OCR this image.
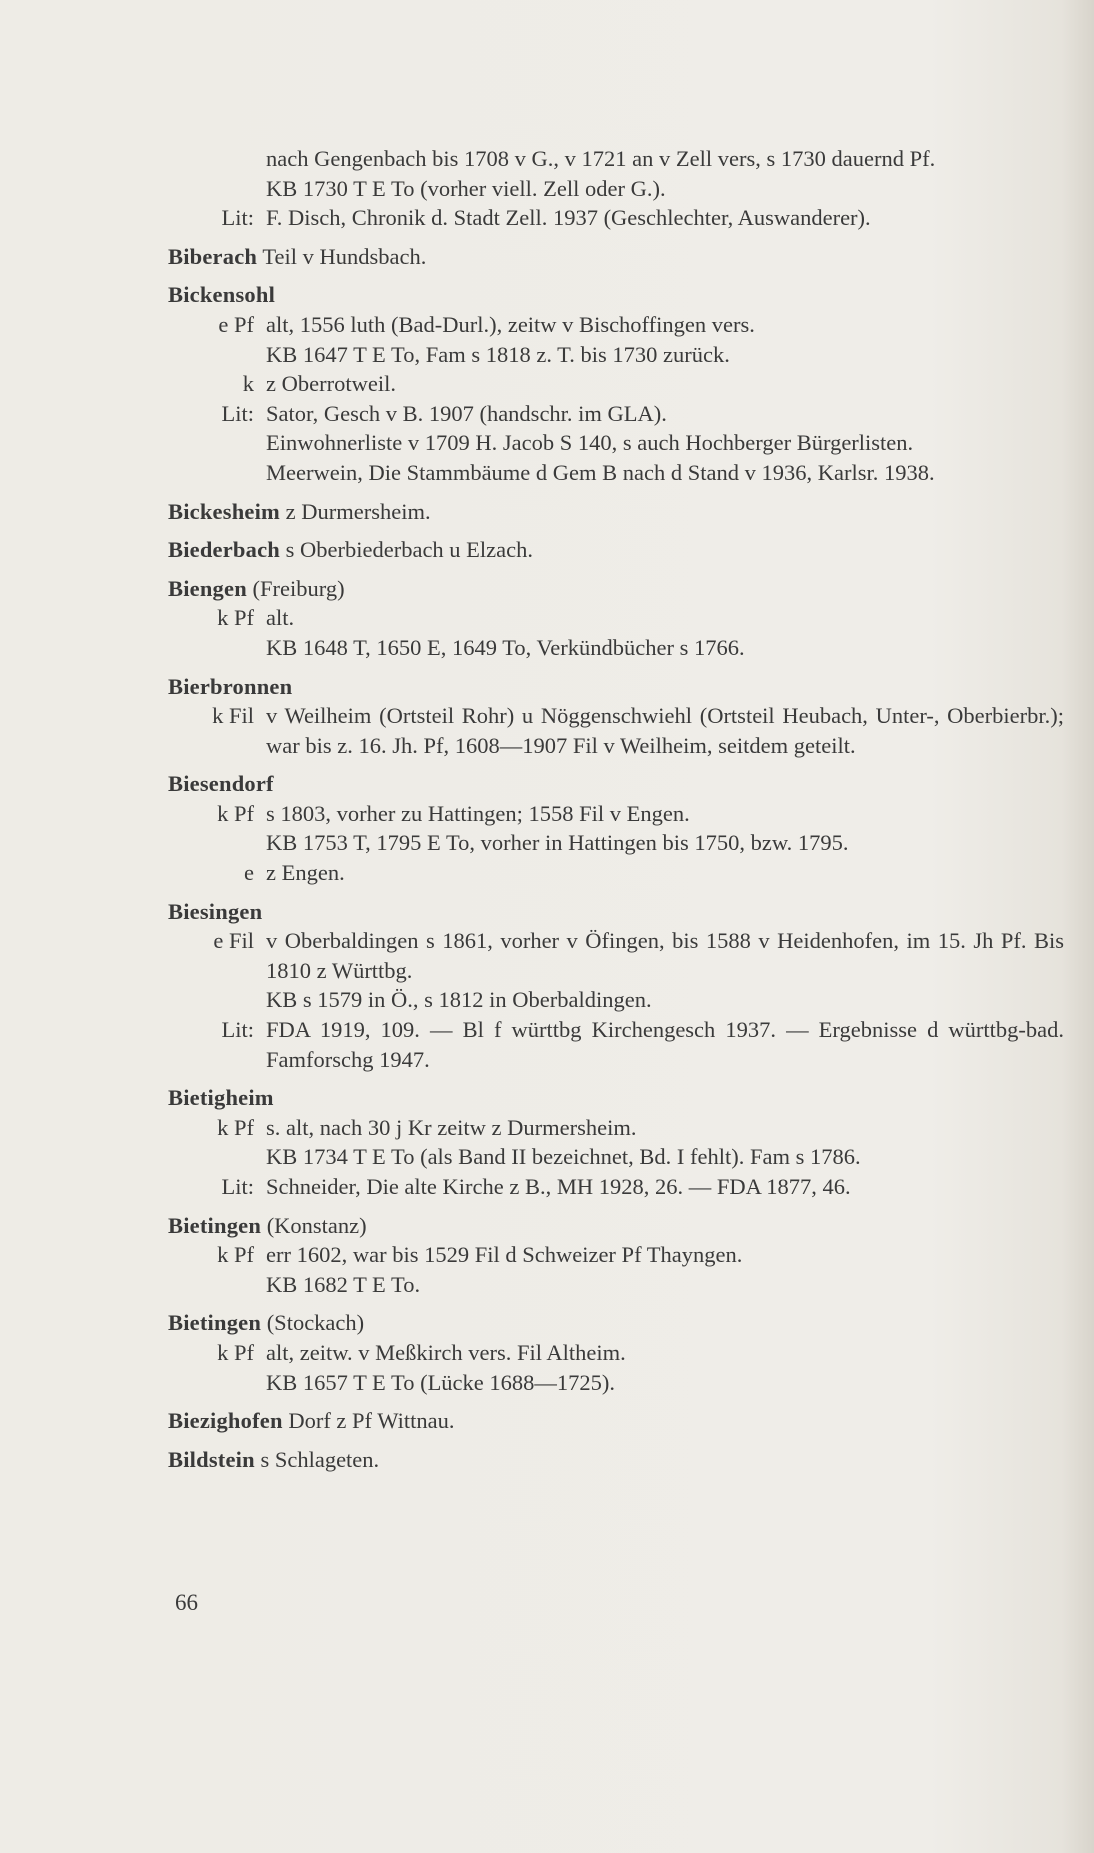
nach Gengenbach bis 1708 v G., v 1721 an v Zell vers, s 1730 dauernd Pf.
KB 1730 T E To (vorher viell. Zell oder G.).
Lit: F. Disch, Chronik d. Stadt Zell. 1937 (Geschlechter, Auswanderer).
Biberach Teil v Hundsbach.
Bickensohl
e Pf alt, 1556 luth (Bad-Durl.), zeitw v Bischoffingen vers.
KB 1647 T E To, Fam s 1818 z. T. bis 1730 zurück.
k z Oberrotweil.
Lit: Sator, Gesch v B. 1907 (handschr. im GLA).
Einwohnerliste v 1709 H. Jacob S 140, s auch Hochberger Bürgerlisten.
Meerwein, Die Stammbäume d Gem B nach d Stand v 1936, Karlsr. 1938.
Bickesheim z Durmersheim.
Biederbach s Oberbiederbach u Elzach.
Biengen (Freiburg)
k Pf alt.
KB 1648 T, 1650 E, 1649 To, Verkündbücher s 1766.
Bierbronnen
k Fil v Weilheim (Ortsteil Rohr) u Nöggenschwiehl (Ortsteil Heubach, Unter-, Oberbierbr.); war bis z. 16. Jh. Pf, 1608—1907 Fil v Weilheim, seitdem geteilt.
Biesendorf
k Pf s 1803, vorher zu Hattingen; 1558 Fil v Engen.
KB 1753 T, 1795 E To, vorher in Hattingen bis 1750, bzw. 1795.
e z Engen.
Biesingen
e Fil v Oberbaldingen s 1861, vorher v Öfingen, bis 1588 v Heidenhofen, im 15. Jh Pf. Bis 1810 z Württbg.
KB s 1579 in Ö., s 1812 in Oberbaldingen.
Lit: FDA 1919, 109. — Bl f württbg Kirchengesch 1937. — Ergebnisse d württbg-bad. Famforschg 1947.
Bietigheim
k Pf s. alt, nach 30 j Kr zeitw z Durmersheim.
KB 1734 T E To (als Band II bezeichnet, Bd. I fehlt). Fam s 1786.
Lit: Schneider, Die alte Kirche z B., MH 1928, 26. — FDA 1877, 46.
Bietingen (Konstanz)
k Pf err 1602, war bis 1529 Fil d Schweizer Pf Thayngen.
KB 1682 T E To.
Bietingen (Stockach)
k Pf alt, zeitw. v Meßkirch vers. Fil Altheim.
KB 1657 T E To (Lücke 1688—1725).
Biezighofen Dorf z Pf Wittnau.
Bildstein s Schlageten.
66
